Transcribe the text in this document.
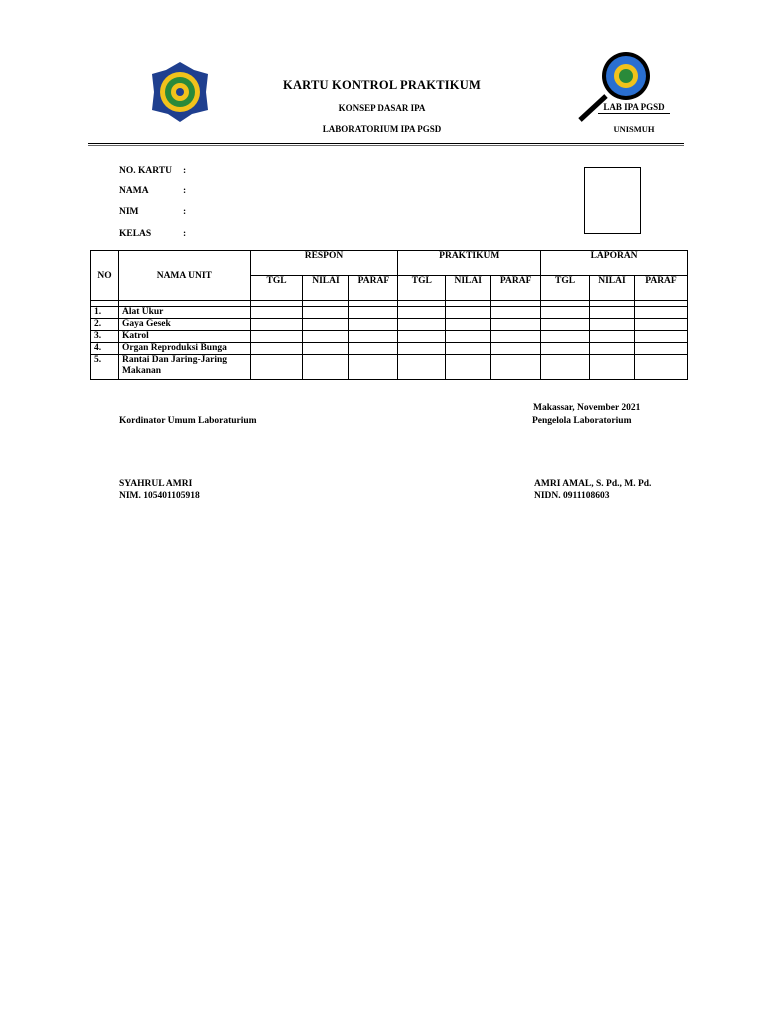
KARTU KONTROL PRAKTIKUM
KONSEP DASAR IPA
LABORATORIUM IPA PGSD
LAB IPA PGSD
UNISMUH
NO. KARTU :
NAMA	:
NIM	:
KELAS	:
NO	NAMA UNIT	RESPON			PRAKTIKUM			LAPORAN		
		TGL	NILAI	PARAF	TGL	NILAI	PARAF	TGL	NILAI	PARAF

1.	Alat Ukur									
2.	Gaya Gesek									
3.	Katrol									
4.	Organ Reproduksi Bunga									
5.	Rantai Dan Jaring-Jaring Makanan									
Makassar, November 2021
Kordinator Umum Laboraturium	Pengelola Laboratorium
SYAHRUL AMRI
NIM. 105401105918
AMRI AMAL, S. Pd., M. Pd.
NIDN. 0911108603
